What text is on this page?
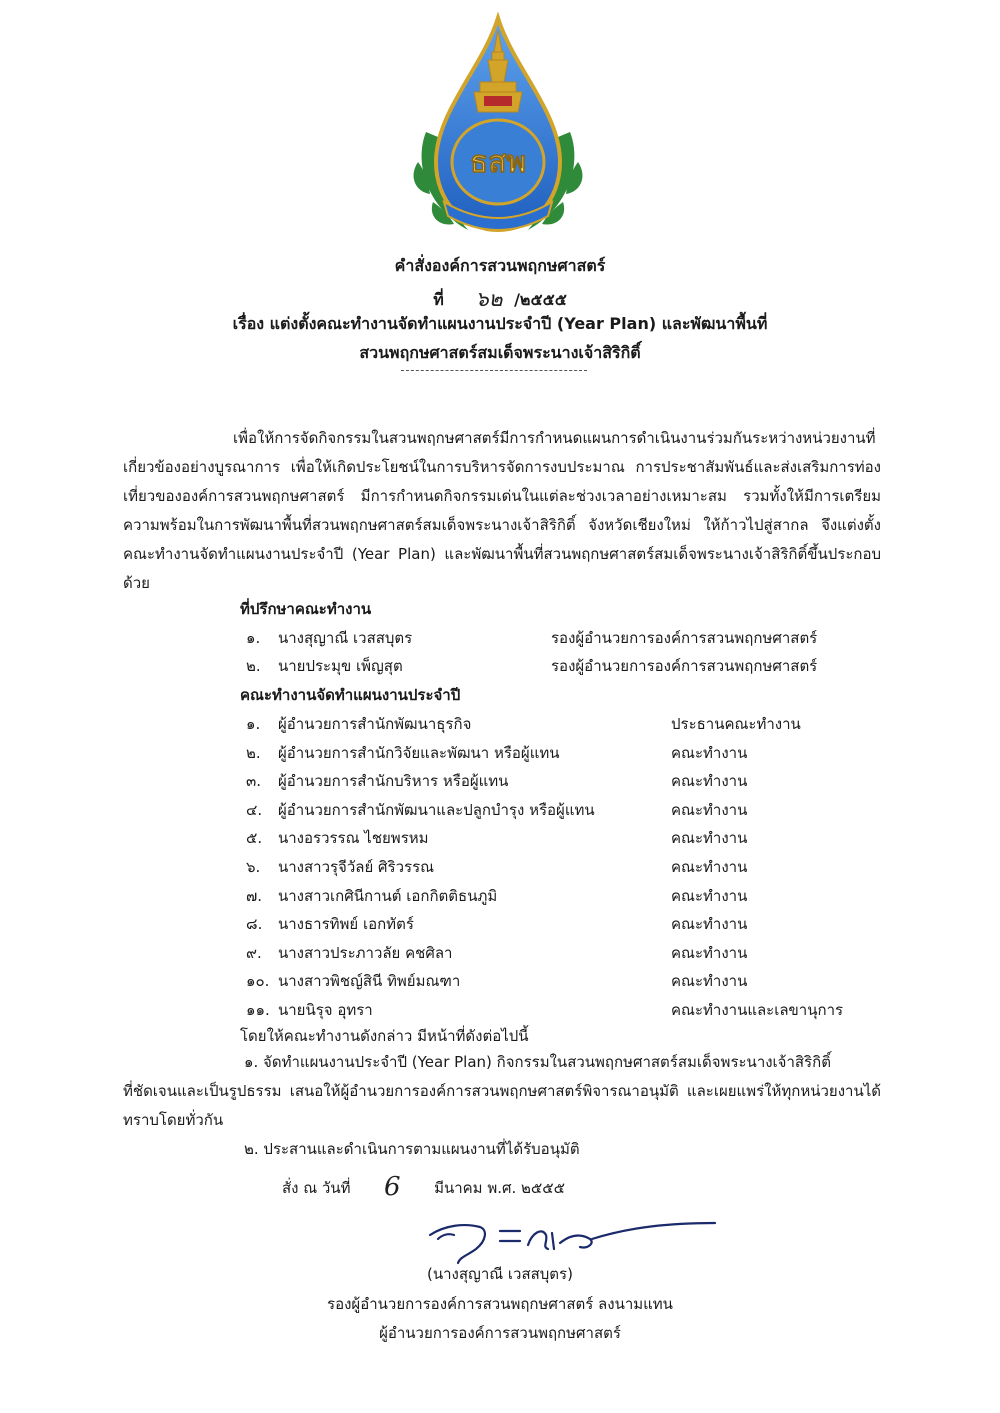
ธสพ
คำสั่งองค์การสวนพฤกษศาสตร์
ที่ ๖๒ /๒๕๕๕
เรื่อง แต่งตั้งคณะทำงานจัดทำแผนงานประจำปี (Year Plan) และพัฒนาพื้นที่
สวนพฤกษศาสตร์สมเด็จพระนางเจ้าสิริกิติ์
เพื่อให้การจัดกิจกรรมในสวนพฤกษศาสตร์มีการกำหนดแผนการดำเนินงานร่วมกันระหว่างหน่วยงานที่เกี่ยวข้องอย่างบูรณาการ เพื่อให้เกิดประโยชน์ในการบริหารจัดการงบประมาณ การประชาสัมพันธ์และส่งเสริมการท่องเที่ยวขององค์การสวนพฤกษศาสตร์ มีการกำหนดกิจกรรมเด่นในแต่ละช่วงเวลาอย่างเหมาะสม รวมทั้งให้มีการเตรียมความพร้อมในการพัฒนาพื้นที่สวนพฤกษศาสตร์สมเด็จพระนางเจ้าสิริกิติ์ จังหวัดเชียงใหม่ ให้ก้าวไปสู่สากล จึงแต่งตั้งคณะทำงานจัดทำแผนงานประจำปี (Year Plan) และพัฒนาพื้นที่สวนพฤกษศาสตร์สมเด็จพระนางเจ้าสิริกิติ์ขึ้นประกอบด้วย
ที่ปรึกษาคณะทำงาน
๑. นางสุญาณี เวสสบุตร	รองผู้อำนวยการองค์การสวนพฤกษศาสตร์
๒. นายประมุข เพ็ญสุต	รองผู้อำนวยการองค์การสวนพฤกษศาสตร์
คณะทำงานจัดทำแผนงานประจำปี
๑. ผู้อำนวยการสำนักพัฒนาธุรกิจ	ประธานคณะทำงาน
๒. ผู้อำนวยการสำนักวิจัยและพัฒนา หรือผู้แทน	คณะทำงาน
๓. ผู้อำนวยการสำนักบริหาร หรือผู้แทน	คณะทำงาน
๔. ผู้อำนวยการสำนักพัฒนาและปลูกบำรุง หรือผู้แทน	คณะทำงาน
๕. นางอรวรรณ ไชยพรหม	คณะทำงาน
๖. นางสาวรุจีวัลย์ ศิริวรรณ	คณะทำงาน
๗. นางสาวเกศินีกานต์ เอกกิตติธนภูมิ	คณะทำงาน
๘. นางธารทิพย์ เอกทัตร์	คณะทำงาน
๙. นางสาวประภาวลัย คชศิลา	คณะทำงาน
๑๐. นางสาวพิชญ์สินี ทิพย์มณฑา	คณะทำงาน
๑๑. นายนิรุจ อุทรา	คณะทำงานและเลขานุการ
โดยให้คณะทำงานดังกล่าว มีหน้าที่ดังต่อไปนี้
๑. จัดทำแผนงานประจำปี (Year Plan) กิจกรรมในสวนพฤกษศาสตร์สมเด็จพระนางเจ้าสิริกิติ์
ที่ชัดเจนและเป็นรูปธรรม เสนอให้ผู้อำนวยการองค์การสวนพฤกษศาสตร์พิจารณาอนุมัติ และเผยแพร่ให้ทุกหน่วยงานได้ทราบโดยทั่วกัน
๒. ประสานและดำเนินการตามแผนงานที่ได้รับอนุมัติ
สั่ง ณ วันที่ 6 มีนาคม พ.ศ. ๒๕๕๕
(นางสุญาณี เวสสบุตร)
รองผู้อำนวยการองค์การสวนพฤกษศาสตร์ ลงนามแทน
ผู้อำนวยการองค์การสวนพฤกษศาสตร์
